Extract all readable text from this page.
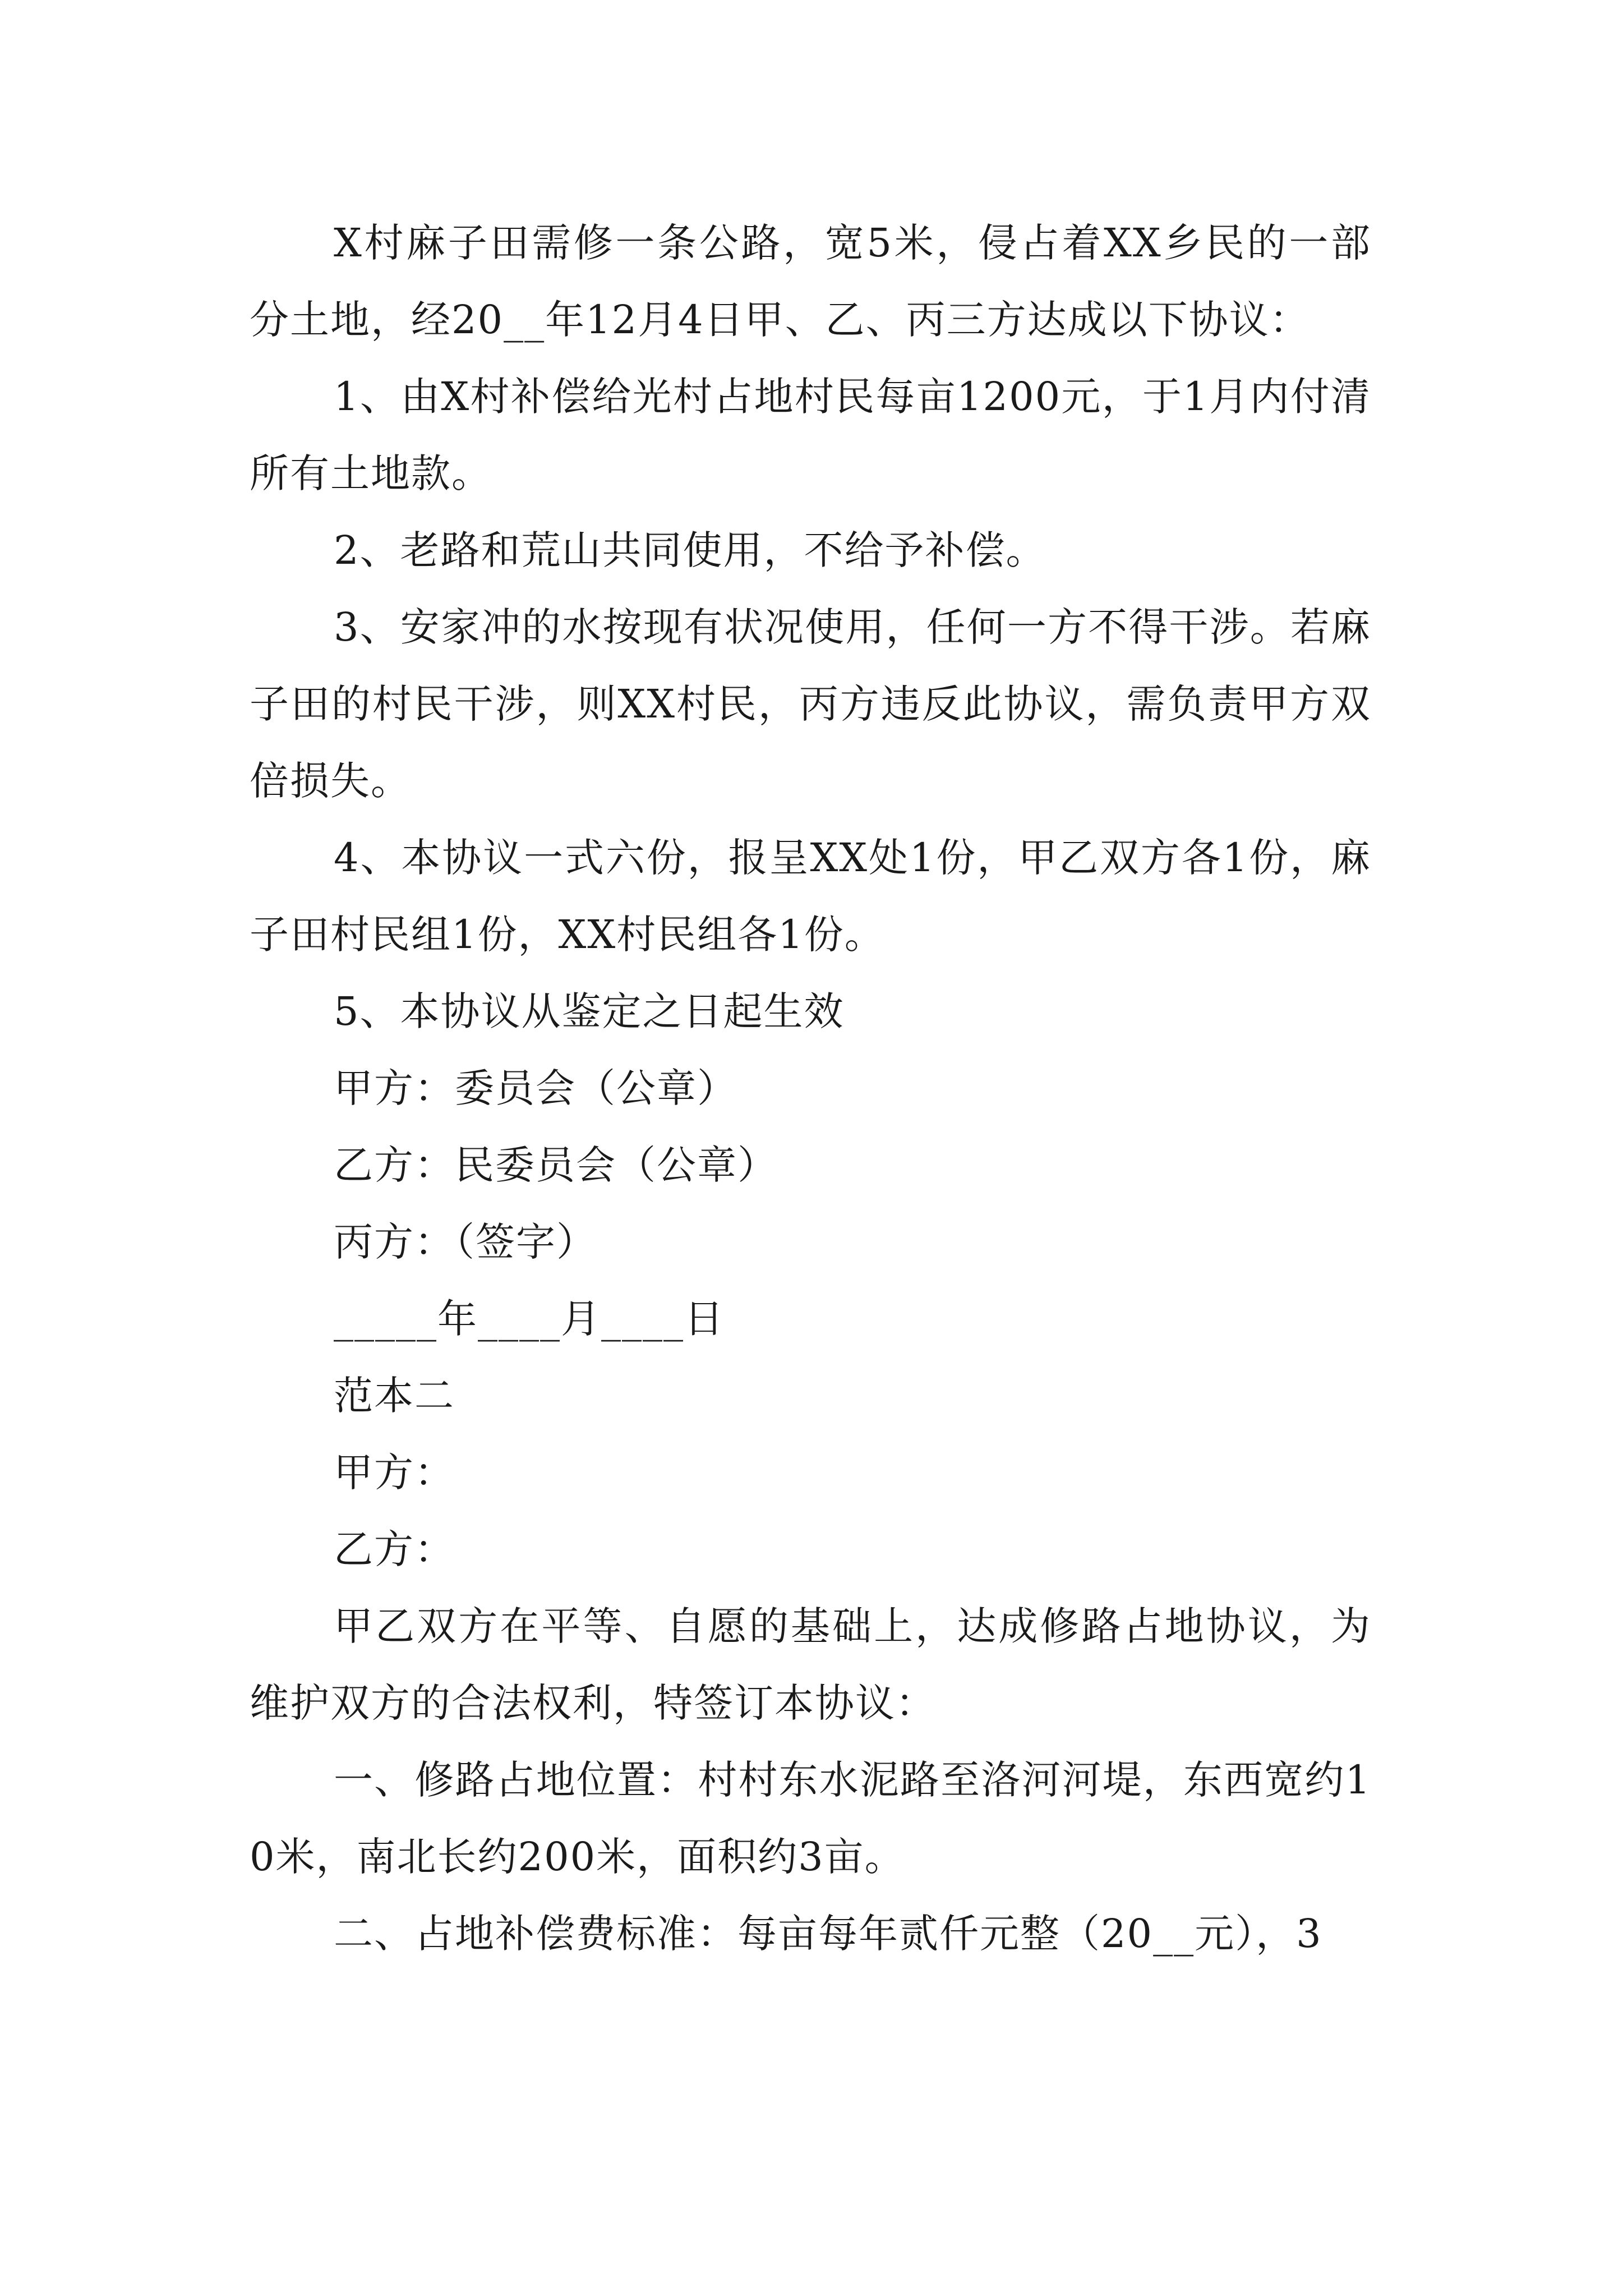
X村麻子田需修一条公路，宽5米，侵占着XX乡民的一部分土地，经20__年12月4日甲、乙、丙三方达成以下协议：

1、由X村补偿给光村占地村民每亩1200元，于1月内付清所有土地款。

2、老路和荒山共同使用，不给予补偿。

3、安家冲的水按现有状况使用，任何一方不得干涉。若麻子田的村民干涉，则XX村民，丙方违反此协议，需负责甲方双倍损失。

4、本协议一式六份，报呈XX处1份，甲乙双方各1份，麻子田村民组1份，XX村民组各1份。

5、本协议从鉴定之日起生效

甲方：委员会（公章）

乙方：民委员会（公章）

丙方：（签字）

_____年____月____日

范本二

甲方：

乙方：

甲乙双方在平等、自愿的基础上，达成修路占地协议，为维护双方的合法权利，特签订本协议：

一、修路占地位置：村村东水泥路至洛河河堤，东西宽约10米，南北长约200米，面积约3亩。

二、占地补偿费标准：每亩每年贰仟元整（20__元），3
